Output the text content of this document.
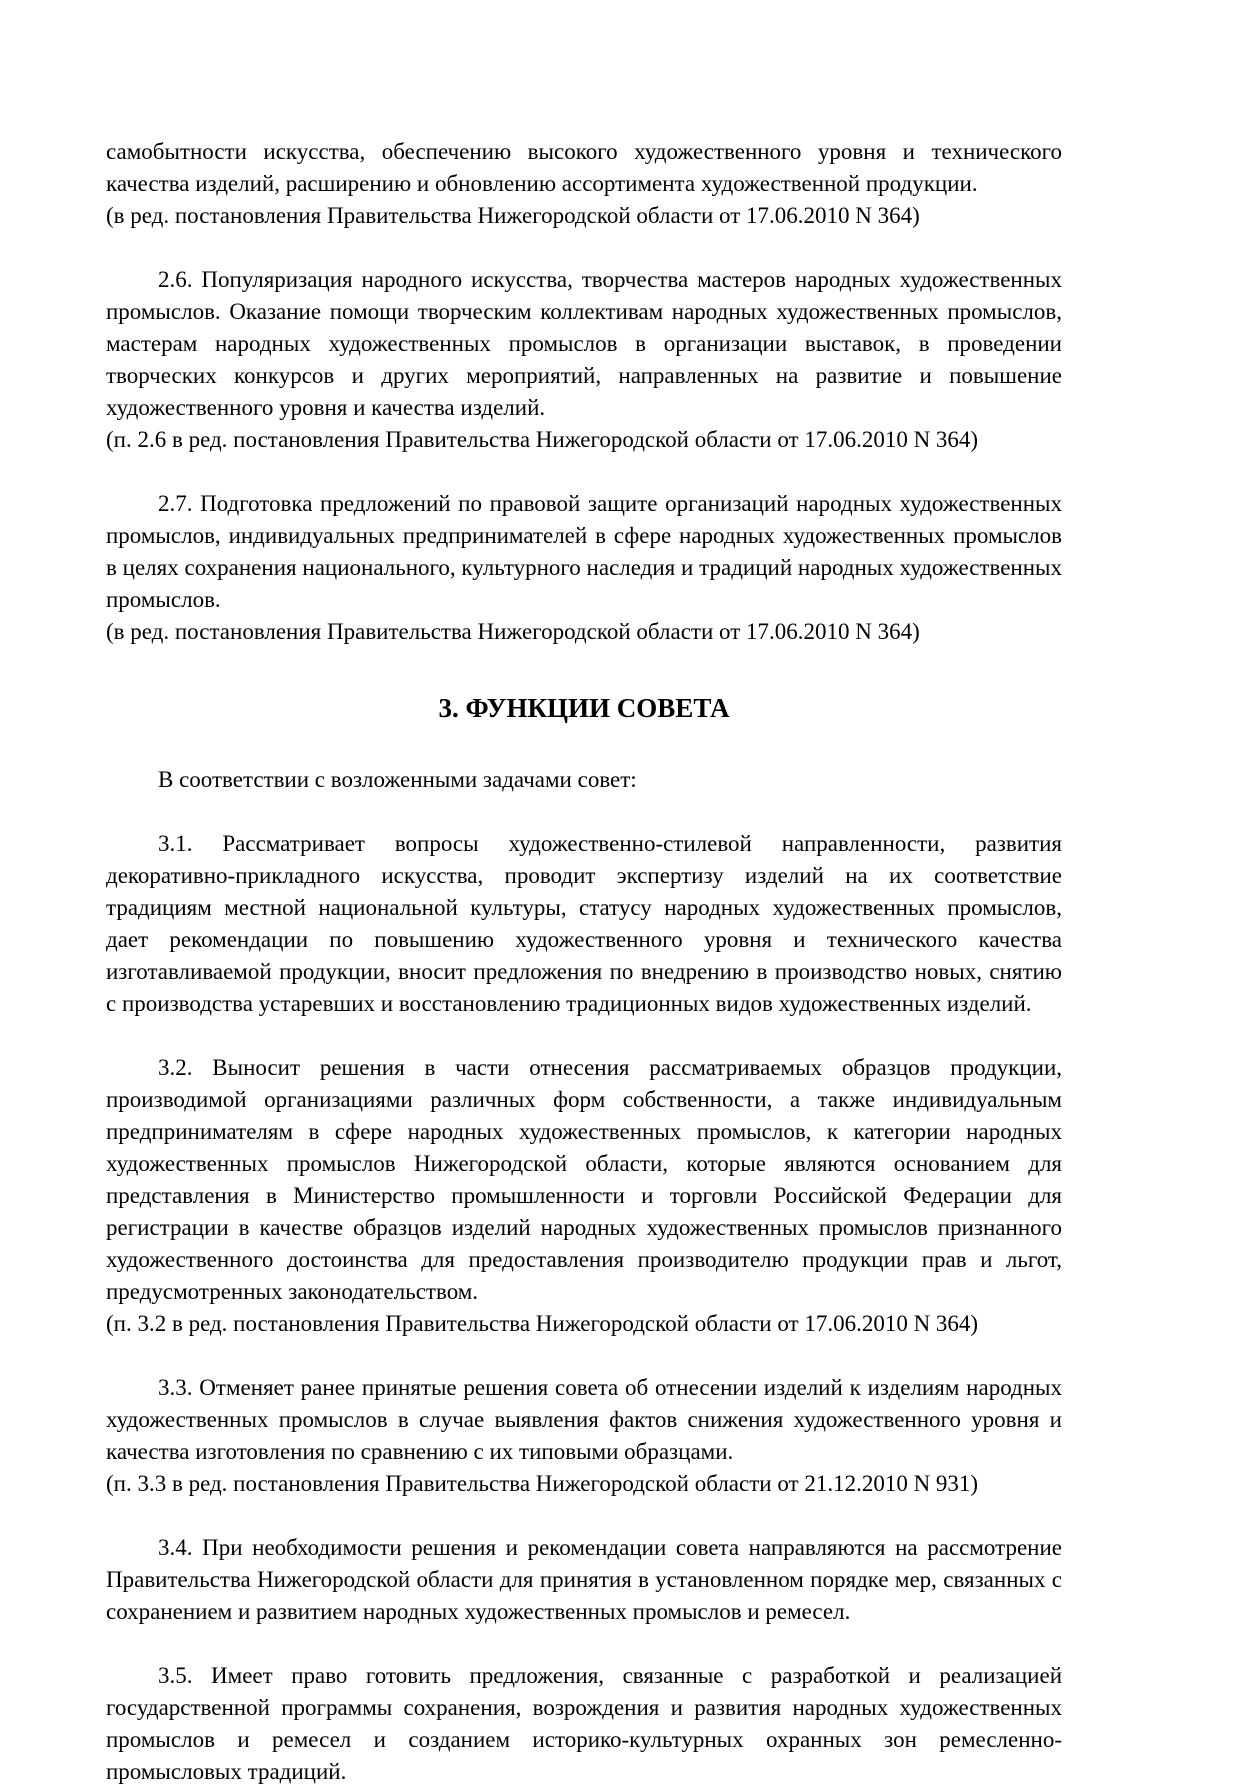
самобытности искусства, обеспечению высокого художественного уровня и технического качества изделий, расширению и обновлению ассортимента художественной продукции.

(в ред. постановления Правительства Нижегородской области от 17.06.2010 N 364)

2.6. Популяризация народного искусства, творчества мастеров народных художественных промыслов. Оказание помощи творческим коллективам народных художественных промыслов, мастерам народных художественных промыслов в организации выставок, в проведении творческих конкурсов и других мероприятий, направленных на развитие и повышение художественного уровня и качества изделий.

(п. 2.6 в ред. постановления Правительства Нижегородской области от 17.06.2010 N 364)

2.7. Подготовка предложений по правовой защите организаций народных художественных промыслов, индивидуальных предпринимателей в сфере народных художественных промыслов в целях сохранения национального, культурного наследия и традиций народных художественных промыслов.

(в ред. постановления Правительства Нижегородской области от 17.06.2010 N 364)

3. ФУНКЦИИ СОВЕТА

В соответствии с возложенными задачами совет:

3.1. Рассматривает вопросы художественно-стилевой направленности, развития декоративно-прикладного искусства, проводит экспертизу изделий на их соответствие традициям местной национальной культуры, статусу народных художественных промыслов, дает рекомендации по повышению художественного уровня и технического качества изготавливаемой продукции, вносит предложения по внедрению в производство новых, снятию с производства устаревших и восстановлению традиционных видов художественных изделий.

3.2. Выносит решения в части отнесения рассматриваемых образцов продукции, производимой организациями различных форм собственности, а также индивидуальным предпринимателям в сфере народных художественных промыслов, к категории народных художественных промыслов Нижегородской области, которые являются основанием для представления в Министерство промышленности и торговли Российской Федерации для регистрации в качестве образцов изделий народных художественных промыслов признанного художественного достоинства для предоставления производителю продукции прав и льгот, предусмотренных законодательством.

(п. 3.2 в ред. постановления Правительства Нижегородской области от 17.06.2010 N 364)

3.3. Отменяет ранее принятые решения совета об отнесении изделий к изделиям народных художественных промыслов в случае выявления фактов снижения художественного уровня и качества изготовления по сравнению с их типовыми образцами.

(п. 3.3 в ред. постановления Правительства Нижегородской области от 21.12.2010 N 931)

3.4. При необходимости решения и рекомендации совета направляются на рассмотрение Правительства Нижегородской области для принятия в установленном порядке мер, связанных с сохранением и развитием народных художественных промыслов и ремесел.

3.5. Имеет право готовить предложения, связанные с разработкой и реализацией государственной программы сохранения, возрождения и развития народных художественных промыслов и ремесел и созданием историко-культурных охранных зон ремесленно-промысловых традиций.
